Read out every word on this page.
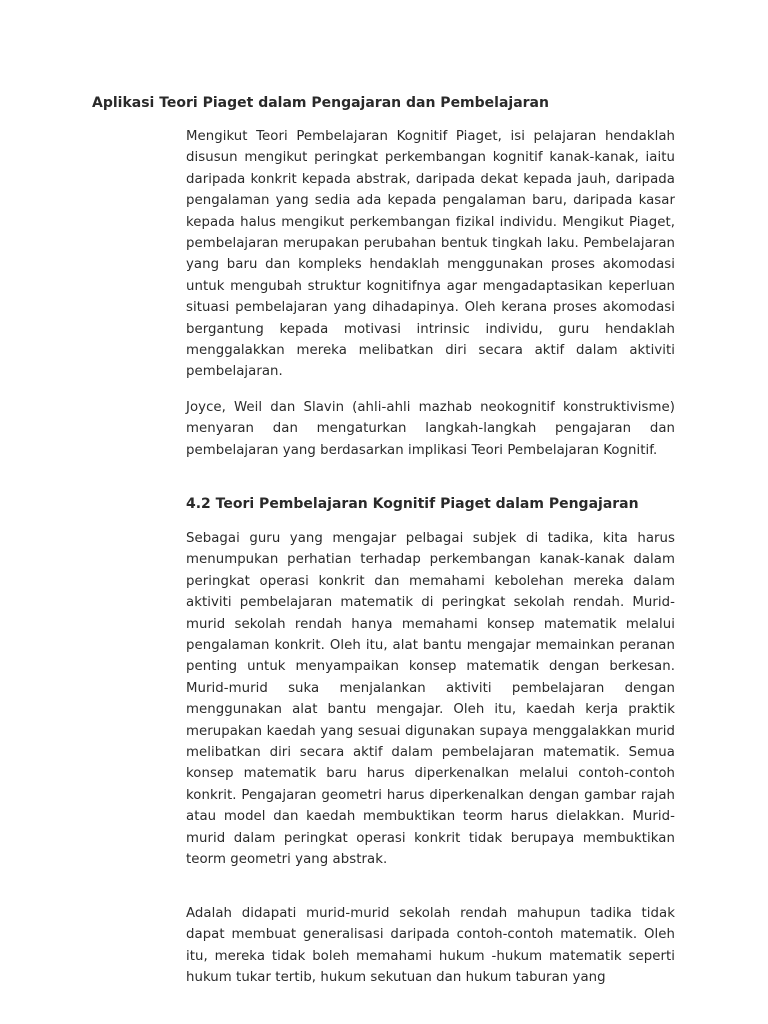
Aplikasi Teori Piaget dalam Pengajaran dan Pembelajaran

Mengikut Teori Pembelajaran Kognitif Piaget, isi pelajaran hendaklah disusun mengikut peringkat perkembangan kognitif kanak-kanak, iaitu daripada konkrit kepada abstrak, daripada dekat kepada jauh, daripada pengalaman yang sedia ada kepada pengalaman baru, daripada kasar kepada halus mengikut perkembangan fizikal individu. Mengikut Piaget, pembelajaran merupakan perubahan bentuk tingkah laku. Pembelajaran yang baru dan kompleks hendaklah menggunakan proses akomodasi untuk mengubah struktur kognitifnya agar mengadaptasikan keperluan situasi pembelajaran yang dihadapinya. Oleh kerana proses akomodasi bergantung kepada motivasi intrinsic individu, guru hendaklah menggalakkan mereka melibatkan diri secara aktif dalam aktiviti pembelajaran.

Joyce, Weil dan Slavin (ahli-ahli mazhab neokognitif konstruktivisme) menyaran dan mengaturkan langkah-langkah pengajaran dan pembelajaran yang berdasarkan implikasi Teori Pembelajaran Kognitif.

4.2 Teori Pembelajaran Kognitif Piaget dalam Pengajaran

Sebagai guru yang mengajar pelbagai subjek di tadika, kita harus menumpukan perhatian terhadap perkembangan kanak-kanak dalam peringkat operasi konkrit dan memahami kebolehan mereka dalam aktiviti pembelajaran matematik di peringkat sekolah rendah. Murid-murid sekolah rendah hanya memahami konsep matematik melalui pengalaman konkrit. Oleh itu, alat bantu mengajar memainkan peranan penting untuk menyampaikan konsep matematik dengan berkesan. Murid-murid suka menjalankan aktiviti pembelajaran dengan menggunakan alat bantu mengajar. Oleh itu, kaedah kerja praktik merupakan kaedah yang sesuai digunakan supaya menggalakkan murid melibatkan diri secara aktif dalam pembelajaran matematik. Semua konsep matematik baru harus diperkenalkan melalui contoh-contoh konkrit. Pengajaran geometri harus diperkenalkan dengan gambar rajah atau model dan kaedah membuktikan teorm harus dielakkan. Murid-murid dalam peringkat operasi konkrit tidak berupaya membuktikan teorm geometri yang abstrak.

Adalah didapati murid-murid sekolah rendah mahupun tadika tidak dapat membuat generalisasi daripada contoh-contoh matematik. Oleh itu, mereka tidak boleh memahami hukum -hukum matematik seperti hukum tukar tertib, hukum sekutuan dan hukum taburan yang
